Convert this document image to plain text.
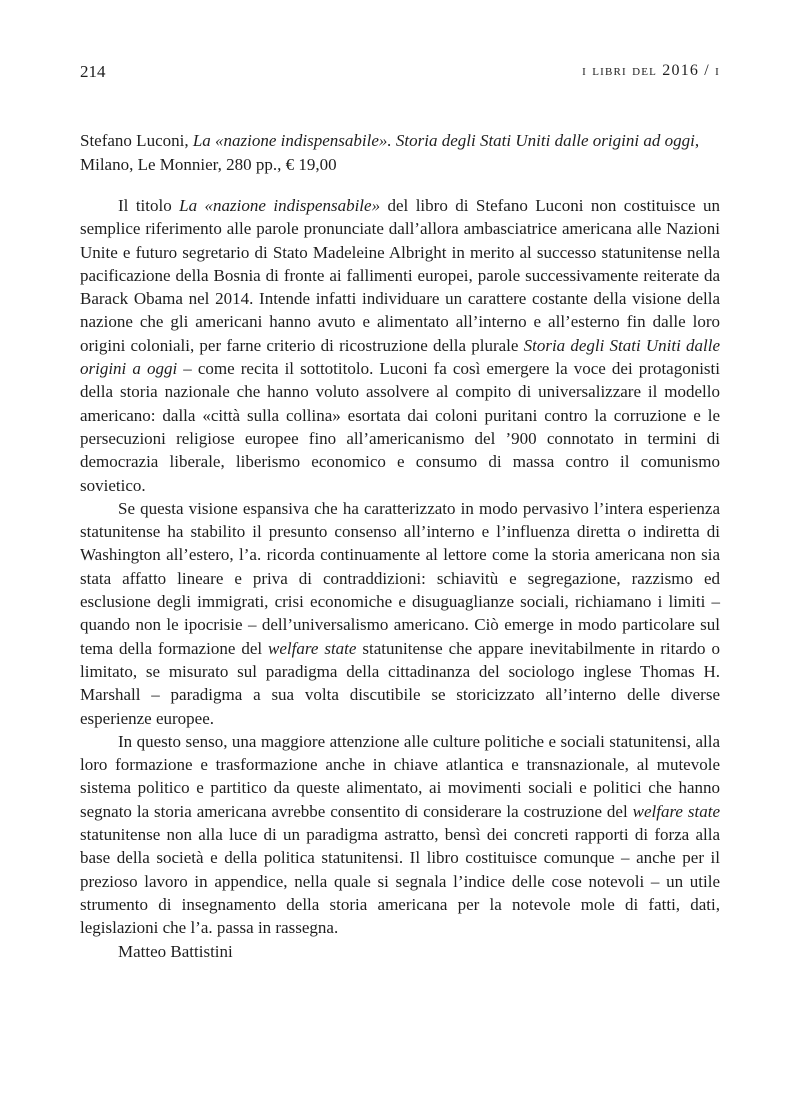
214	i libri del 2016 / i

Stefano Luconi, La «nazione indispensabile». Storia degli Stati Uniti dalle origini ad oggi, Milano, Le Monnier, 280 pp., € 19,00

Il titolo La «nazione indispensabile» del libro di Stefano Luconi non costituisce un semplice riferimento alle parole pronunciate dall’allora ambasciatrice americana alle Nazioni Unite e futuro segretario di Stato Madeleine Albright in merito al successo statunitense nella pacificazione della Bosnia di fronte ai fallimenti europei, parole successivamente reiterate da Barack Obama nel 2014. Intende infatti individuare un carattere costante della visione della nazione che gli americani hanno avuto e alimentato all’interno e all’esterno fin dalle loro origini coloniali, per farne criterio di ricostruzione della plurale Storia degli Stati Uniti dalle origini a oggi – come recita il sottotitolo. Luconi fa così emergere la voce dei protagonisti della storia nazionale che hanno voluto assolvere al compito di universalizzare il modello americano: dalla «città sulla collina» esortata dai coloni puritani contro la corruzione e le persecuzioni religiose europee fino all’americanismo del ’900 connotato in termini di democrazia liberale, liberismo economico e consumo di massa contro il comunismo sovietico.

Se questa visione espansiva che ha caratterizzato in modo pervasivo l’intera esperienza statunitense ha stabilito il presunto consenso all’interno e l’influenza diretta o indiretta di Washington all’estero, l’a. ricorda continuamente al lettore come la storia americana non sia stata affatto lineare e priva di contraddizioni: schiavitù e segregazione, razzismo ed esclusione degli immigrati, crisi economiche e disuguaglianze sociali, richiamano i limiti – quando non le ipocrisie – dell’universalismo americano. Ciò emerge in modo particolare sul tema della formazione del welfare state statunitense che appare inevitabilmente in ritardo o limitato, se misurato sul paradigma della cittadinanza del sociologo inglese Thomas H. Marshall – paradigma a sua volta discutibile se storicizzato all’interno delle diverse esperienze europee.

In questo senso, una maggiore attenzione alle culture politiche e sociali statunitensi, alla loro formazione e trasformazione anche in chiave atlantica e transnazionale, al mutevole sistema politico e partitico da queste alimentato, ai movimenti sociali e politici che hanno segnato la storia americana avrebbe consentito di considerare la costruzione del welfare state statunitense non alla luce di un paradigma astratto, bensì dei concreti rapporti di forza alla base della società e della politica statunitensi. Il libro costituisce comunque – anche per il prezioso lavoro in appendice, nella quale si segnala l’indice delle cose notevoli – un utile strumento di insegnamento della storia americana per la notevole mole di fatti, dati, legislazioni che l’a. passa in rassegna.

Matteo Battistini
